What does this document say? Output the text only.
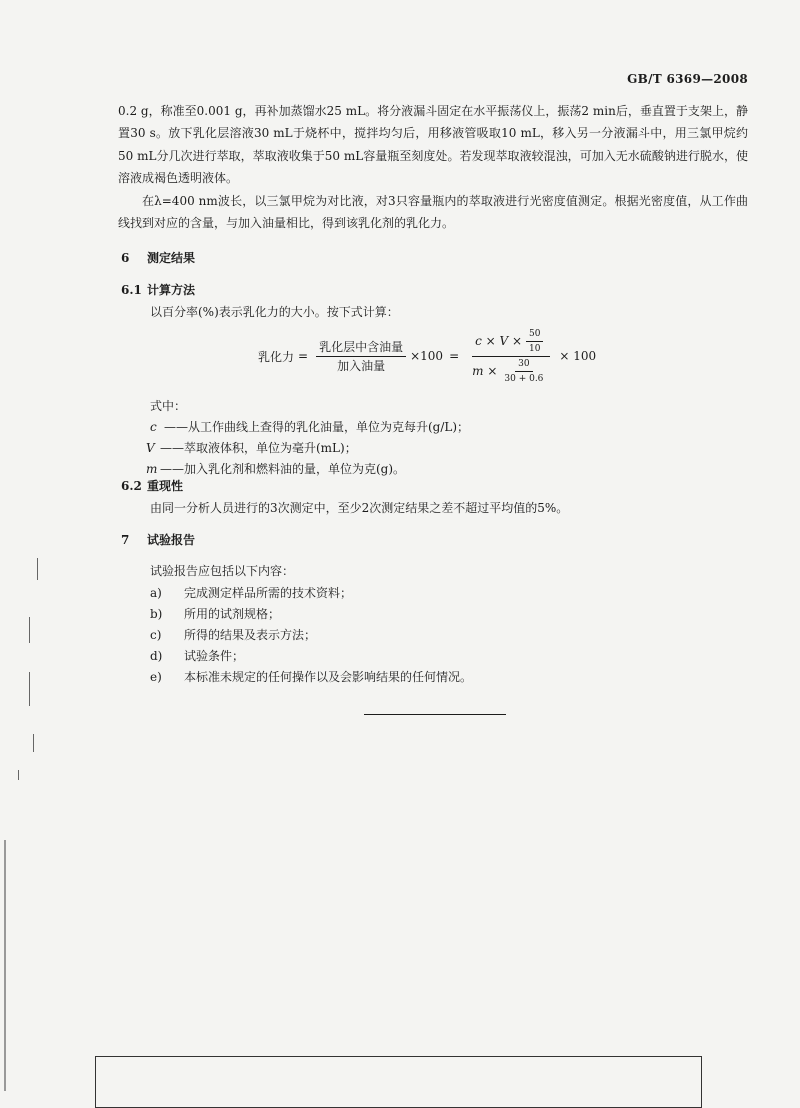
GB/T 6369—2008

0.2 g，称准至0.001 g，再补加蒸馏水25 mL。将分液漏斗固定在水平振荡仪上，振荡2 min后，垂直置于支架上，静置30 s。放下乳化层溶液30 mL于烧杯中，搅拌均匀后，用移液管吸取10 mL，移入另一分液漏斗中，用三氯甲烷约50 mL分几次进行萃取，萃取液收集于50 mL容量瓶至刻度处。若发现萃取液较混浊，可加入无水硫酸钠进行脱水，使溶液成褐色透明液体。

在λ=400 nm波长，以三氯甲烷为对比液，对3只容量瓶内的萃取液进行光密度值测定。根据光密度值，从工作曲线找到对应的含量，与加入油量相比，得到该乳化剂的乳化力。

6 测定结果
6.1 计算方法
以百分率(%)表示乳化力的大小。按下式计算：
乳化力 = $\frac{\text{乳化层中含油量}}{\text{加入油量}} \times 100 = \frac{c \times V \times \frac{50}{10}}{m \times \frac{30}{30 + 0.6}} \times 100$
式中：
c ——从工作曲线上查得的乳化油量，单位为克每升(g/L)；
V ——萃取液体积，单位为毫升(mL)；
m ——加入乳化剂和燃料油的量，单位为克(g)。
6.2 重现性
由同一分析人员进行的3次测定中，至少2次测定结果之差不超过平均值的5%。
7 试验报告
试验报告应包括以下内容：
a) 完成测定样品所需的技术资料；
b) 所用的试剂规格；
c) 所得的结果及表示方法；
d) 试验条件；
e) 本标准未规定的任何操作以及会影响结果的任何情况。
